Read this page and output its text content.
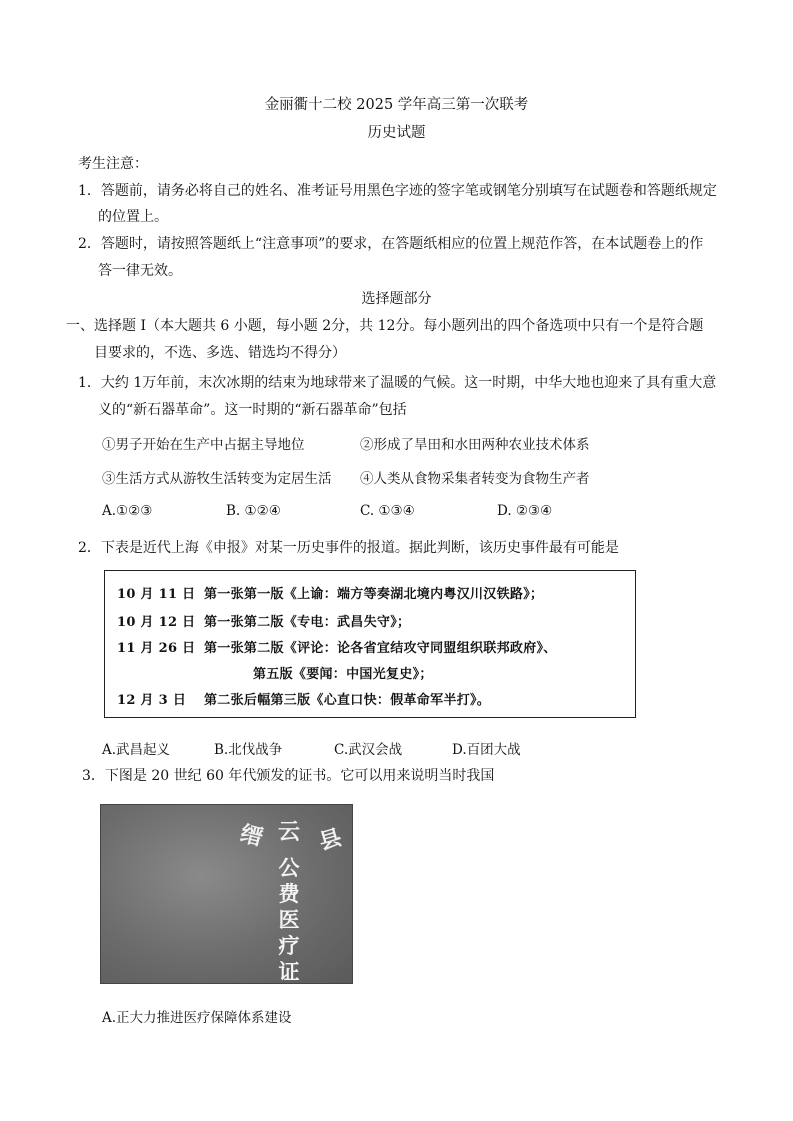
金丽衢十二校 2025 学年高三第一次联考
历史试题
考生注意：
1．答题前，请务必将自己的姓名、准考证号用黑色字迹的签字笔或钢笔分别填写在试题卷和答题纸规定
的位置上。
2．答题时，请按照答题纸上“注意事项”的要求，在答题纸相应的位置上规范作答，在本试题卷上的作
答一律无效。
选择题部分
一、选择题 I（本大题共 6 小题，每小题 2分，共 12分。每小题列出的四个备选项中只有一个是符合题
目要求的，不选、多选、错选均不得分）
1．大约 1万年前，末次冰期的结束为地球带来了温暖的气候。这一时期，中华大地也迎来了具有重大意
义的“新石器革命”。这一时期的“新石器革命”包括
①男子开始在生产中占据主导地位	②形成了旱田和水田两种农业技术体系
③生活方式从游牧生活转变为定居生活 ④人类从食物采集者转变为食物生产者
A.①②③	B. ①②④	C. ①③④	D. ②③④
2．下表是近代上海《申报》对某一历史事件的报道。据此判断，该历史事件最有可能是
10 月 11 日 第一张第一版《上谕：端方等奏湖北境内粤汉川汉铁路》；
10 月 12 日 第一张第二版《专电：武昌失守》；
11 月 26 日 第一张第二版《评论：论各省宜结攻守同盟组织联邦政府》、
第五版《要闻：中国光复史》；
12 月 3 日 第二张后幅第三版《心直口快：假革命军半打》。
A.武昌起义	B.北伐战争	C.武汉会战	D.百团大战
3．下图是 20 世纪 60 年代颁发的证书。它可以用来说明当时我国
缙 云 县
公费医疗证
A.正大力推进医疗保障体系建设
